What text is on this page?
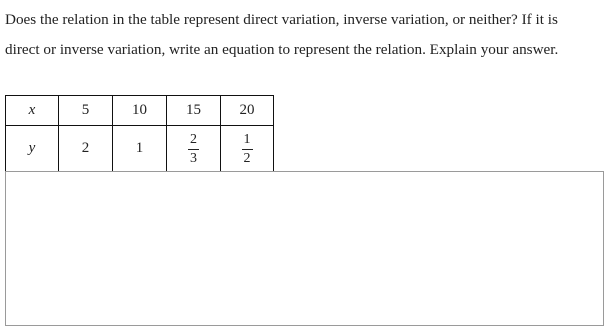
Does the relation in the table represent direct variation, inverse variation, or neither? If it is
direct or inverse variation, write an equation to represent the relation. Explain your answer.

x	5	10	15	20
y	2	1	$\frac{2}{3}$	$\frac{1}{2}$
